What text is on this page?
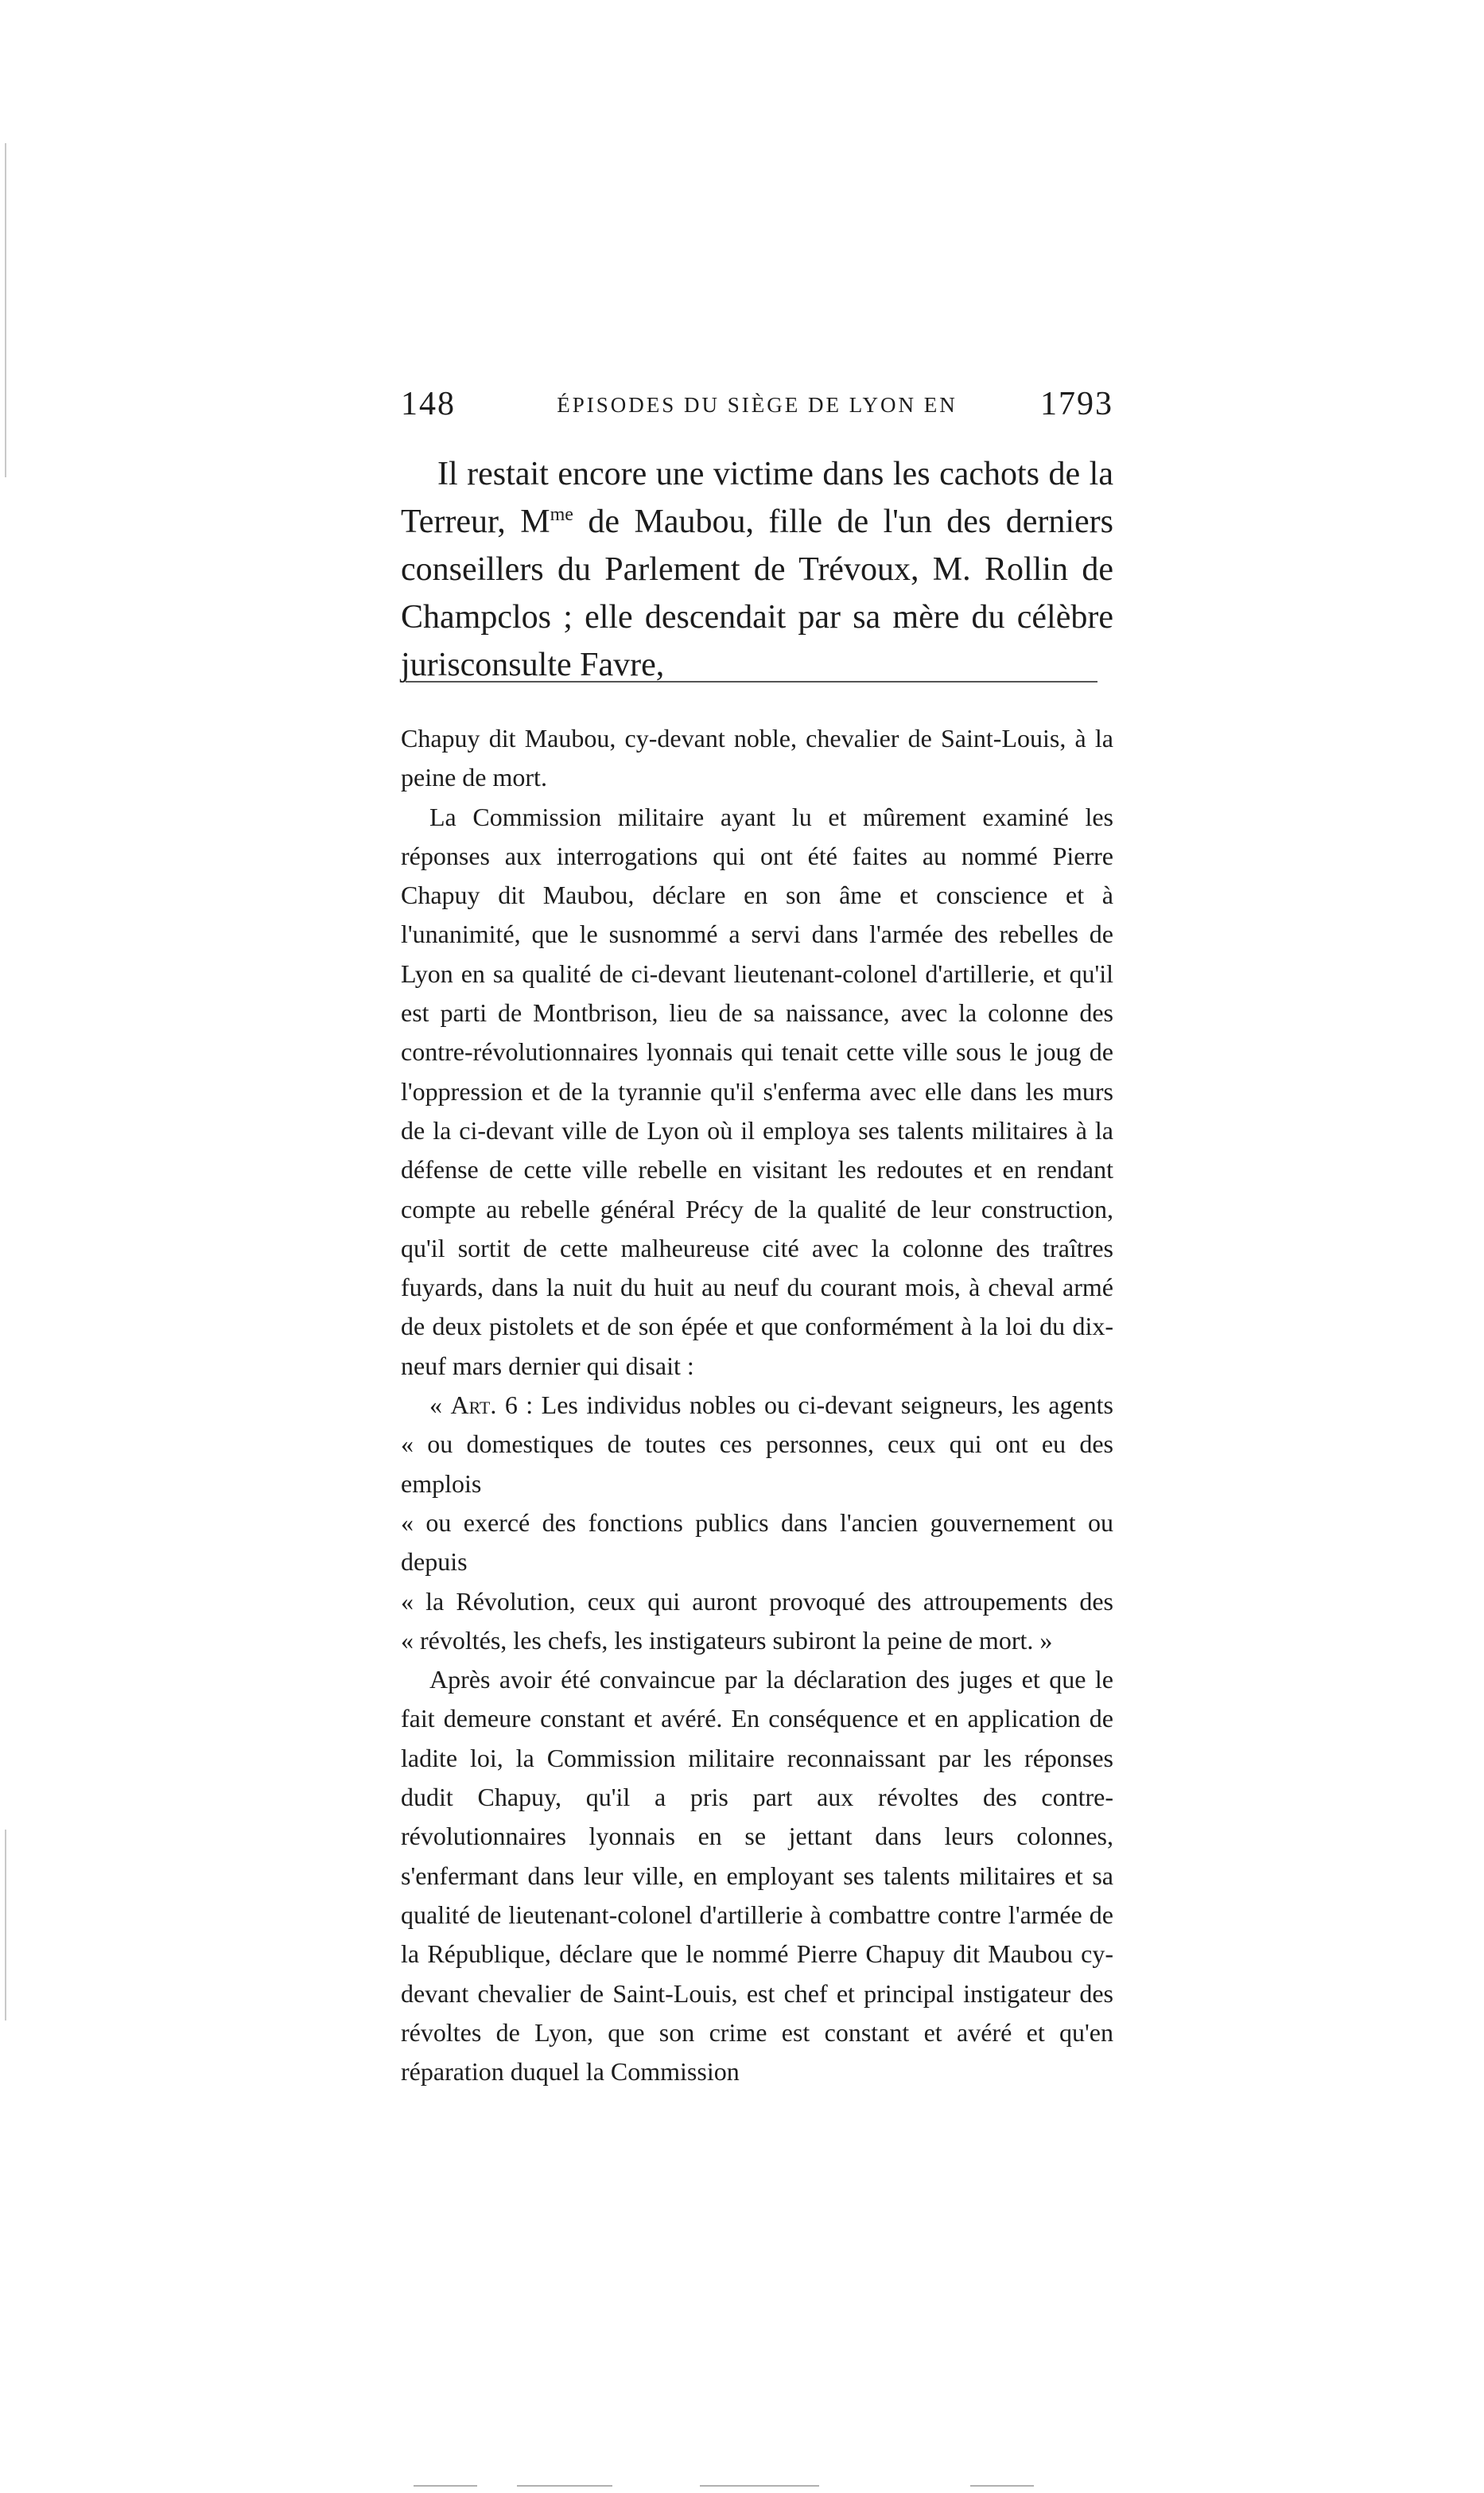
148	ÉPISODES DU SIÈGE DE LYON EN	1793

Il restait encore une victime dans les cachots de la Terreur, $M^{me}$ de Maubou, fille de l'un des derniers conseillers du Parlement de Trévoux, M. Rollin de Champclos ; elle descendait par sa mère du célèbre jurisconsulte Favre,

Chapuy dit Maubou, cy-devant noble, chevalier de Saint-Louis, à la peine de mort.

La Commission militaire ayant lu et mûrement examiné les réponses aux interrogations qui ont été faites au nommé Pierre Chapuy dit Maubou, déclare en son âme et conscience et à l'unanimité, que le susnommé a servi dans l'armée des rebelles de Lyon en sa qualité de ci-devant lieutenant-colonel d'artillerie, et qu'il est parti de Montbrison, lieu de sa naissance, avec la colonne des contre-révolutionnaires lyonnais qui tenait cette ville sous le joug de l'oppression et de la tyrannie qu'il s'enferma avec elle dans les murs de la ci-devant ville de Lyon où il employa ses talents militaires à la défense de cette ville rebelle en visitant les redoutes et en rendant compte au rebelle général Précy de la qualité de leur construction, qu'il sortit de cette malheureuse cité avec la colonne des traîtres fuyards, dans la nuit du huit au neuf du courant mois, à cheval armé de deux pistolets et de son épée et que conformément à la loi du dix-neuf mars dernier qui disait :

« Art. 6 : Les individus nobles ou ci-devant seigneurs, les agents

« ou domestiques de toutes ces personnes, ceux qui ont eu des emplois
« ou exercé des fonctions publics dans l'ancien gouvernement ou depuis
« la Révolution, ceux qui auront provoqué des attroupements des
« révoltés, les chefs, les instigateurs subiront la peine de mort. »

Après avoir été convaincue par la déclaration des juges et que le fait demeure constant et avéré. En conséquence et en application de ladite loi, la Commission militaire reconnaissant par les réponses dudit Chapuy, qu'il a pris part aux révoltes des contre-révolutionnaires lyonnais en se jettant dans leurs colonnes, s'enfermant dans leur ville, en employant ses talents militaires et sa qualité de lieutenant-colonel d'artillerie à combattre contre l'armée de la République, déclare que le nommé Pierre Chapuy dit Maubou cy-devant chevalier de Saint-Louis, est chef et principal instigateur des révoltes de Lyon, que son crime est constant et avéré et qu'en réparation duquel la Commission
